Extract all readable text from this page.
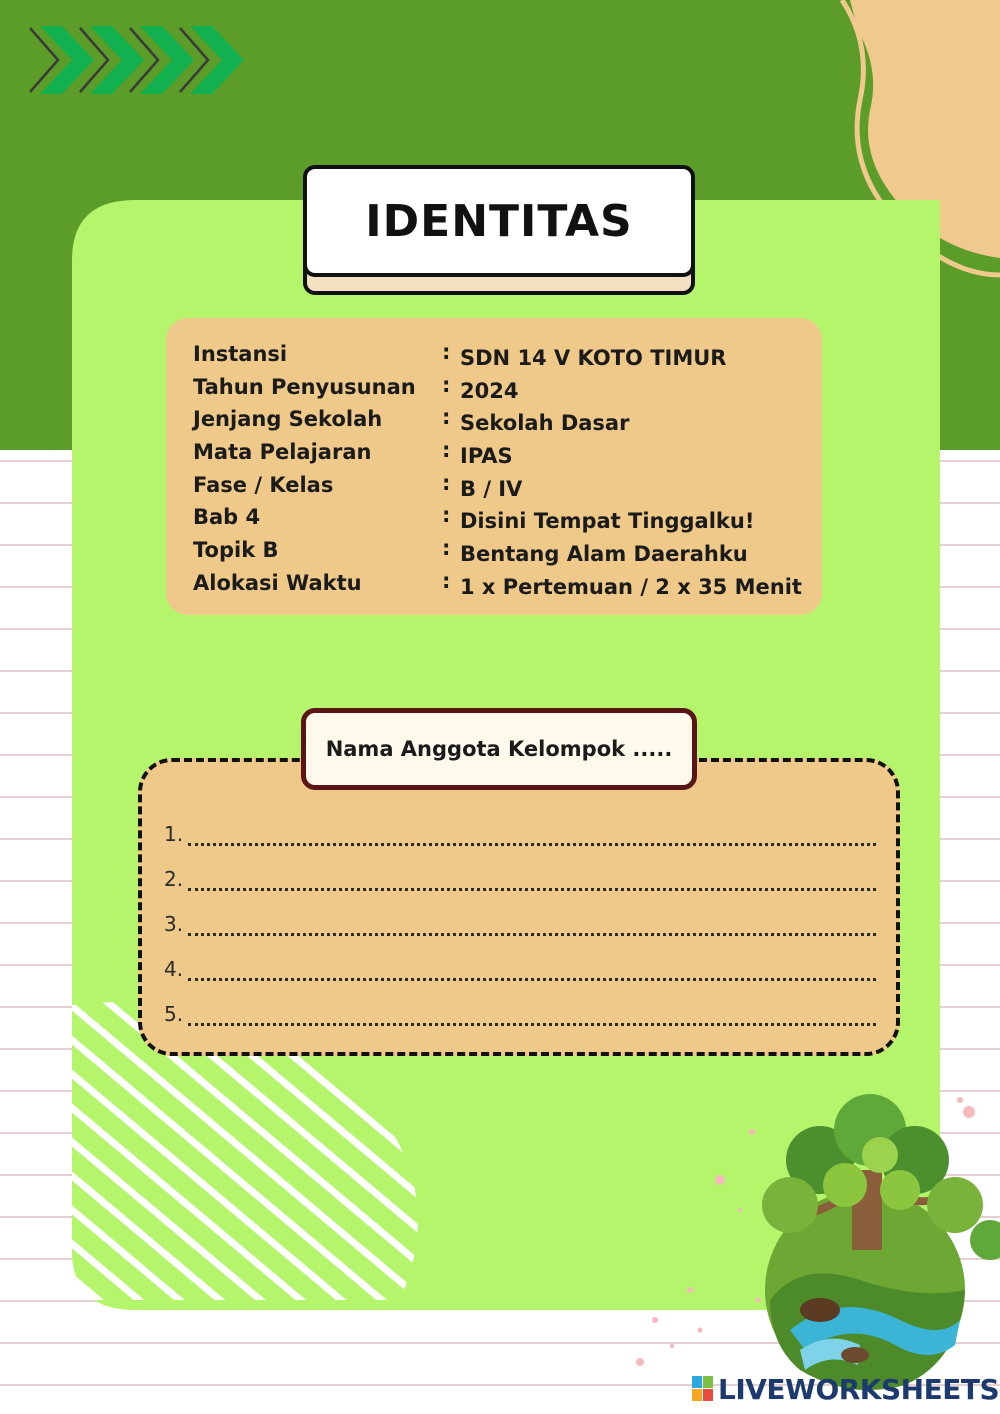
IDENTITAS
Instansi	: SDN 14 V KOTO TIMUR
Tahun Penyusunan : 2024
Jenjang Sekolah	: Sekolah Dasar
Mata Pelajaran	: IPAS
Fase / Kelas	: B / IV
Bab 4	: Disini Tempat Tinggalku!
Topik B	: Bentang Alam Daerahku
Alokasi Waktu	: 1 x Pertemuan / 2 x 35 Menit
1.
2.
3.
4.
5.
Nama Anggota Kelompok .....
LIVEWORKSHEETS
